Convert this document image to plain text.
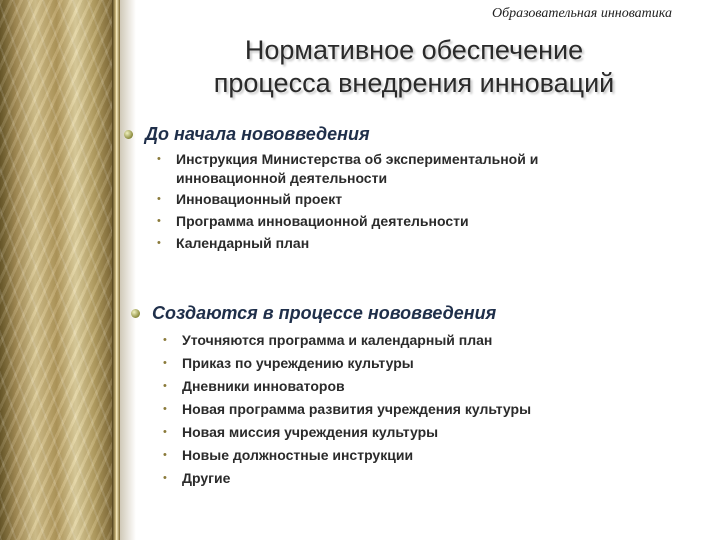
Образовательная инноватика
Нормативное обеспечение
процесса внедрения инноваций
До начала нововведения
• Инструкция Министерства об экспериментальной и инновационной деятельности
• Инновационный проект
• Программа инновационной деятельности
• Календарный план
Создаются в процессе нововведения
• Уточняются программа и календарный план
• Приказ по учреждению культуры
• Дневники инноваторов
• Новая программа развития учреждения культуры
• Новая миссия учреждения культуры
• Новые должностные инструкции
• Другие
